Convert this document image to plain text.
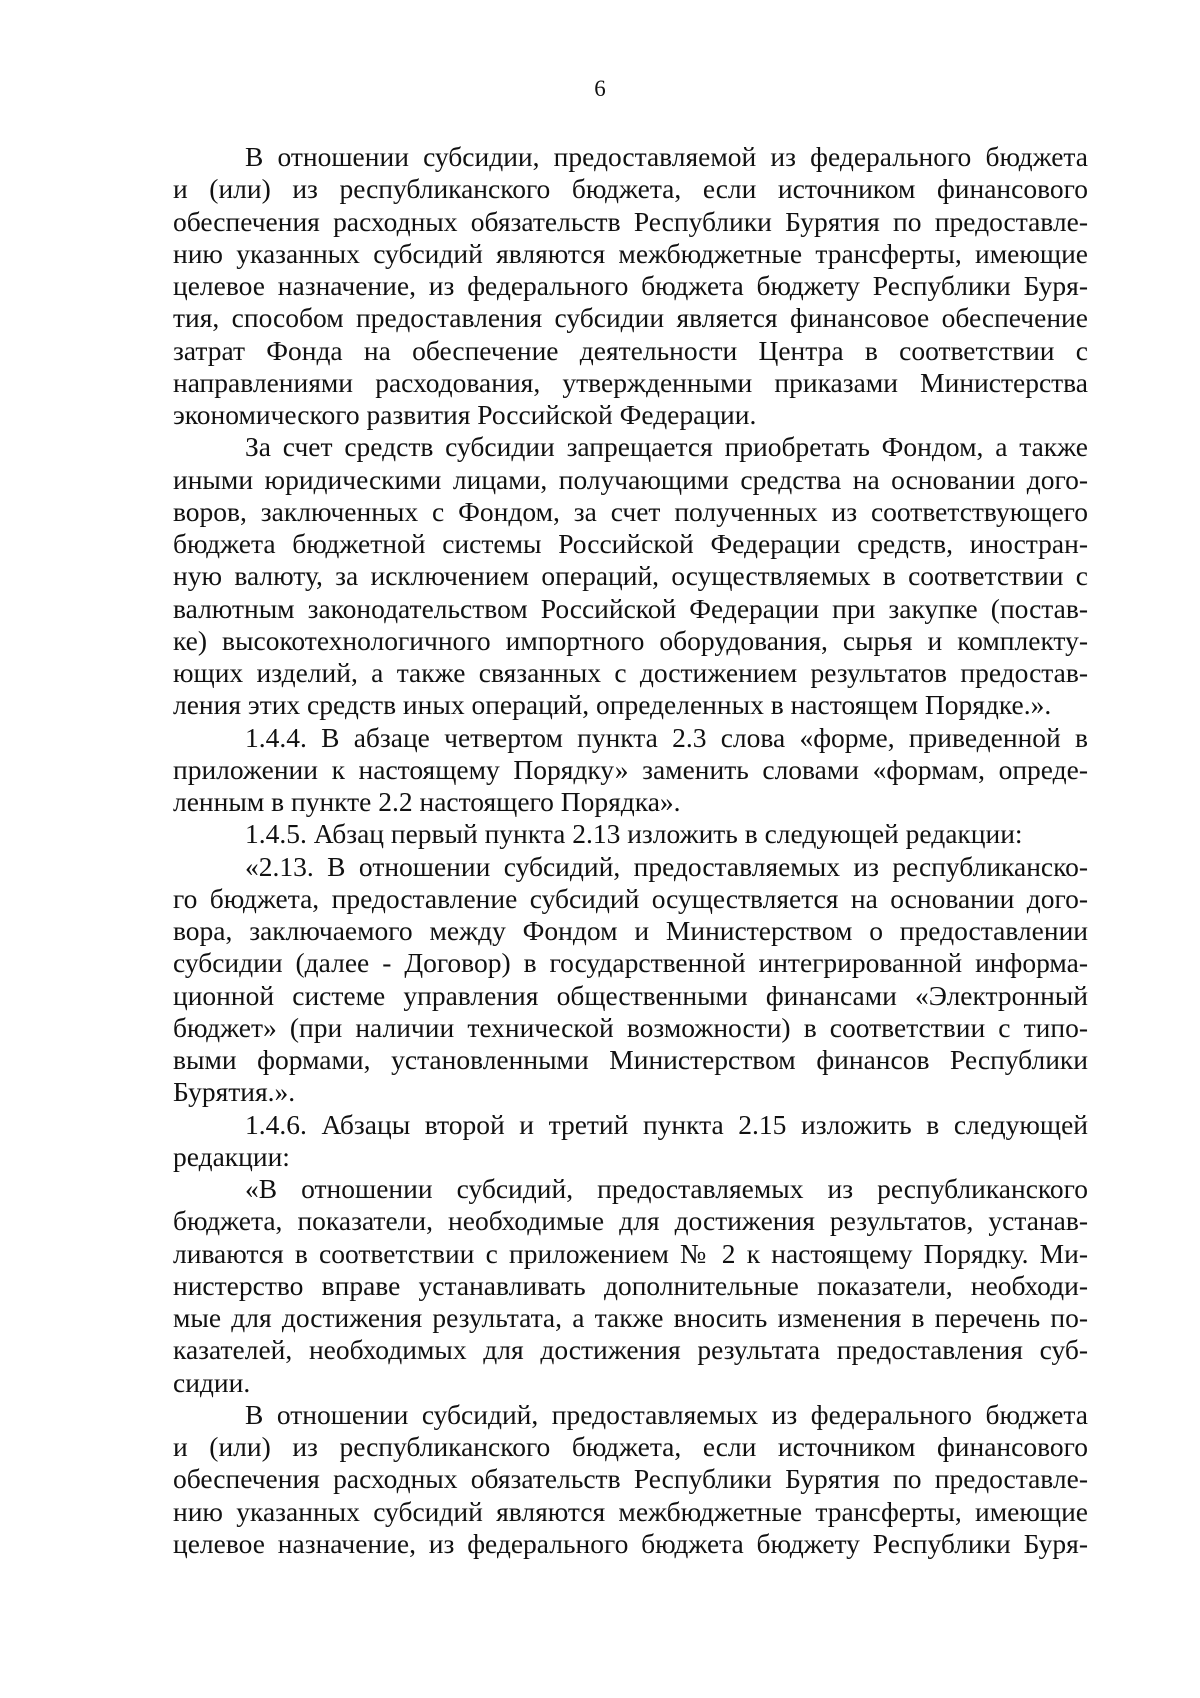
6

В отношении субсидии, предоставляемой из федерального бюджета
и (или) из республиканского бюджета, если источником финансового
обеспечения расходных обязательств Республики Бурятия по предоставле-
нию указанных субсидий являются межбюджетные трансферты, имеющие
целевое назначение, из федерального бюджета бюджету Республики Буря-
тия, способом предоставления субсидии является финансовое обеспечение
затрат Фонда на обеспечение деятельности Центра в соответствии с
направлениями расходования, утвержденными приказами Министерства
экономического развития Российской Федерации.

За счет средств субсидии запрещается приобретать Фондом, а также
иными юридическими лицами, получающими средства на основании дого-
воров, заключенных с Фондом, за счет полученных из соответствующего
бюджета бюджетной системы Российской Федерации средств, иностран-
ную валюту, за исключением операций, осуществляемых в соответствии с
валютным законодательством Российской Федерации при закупке (постав-
ке) высокотехнологичного импортного оборудования, сырья и комплекту-
ющих изделий, а также связанных с достижением результатов предостав-
ления этих средств иных операций, определенных в настоящем Порядке.».

1.4.4. В абзаце четвертом пункта 2.3 слова «форме, приведенной в
приложении к настоящему Порядку» заменить словами «формам, опреде-
ленным в пункте 2.2 настоящего Порядка».

1.4.5. Абзац первый пункта 2.13 изложить в следующей редакции:

«2.13. В отношении субсидий, предоставляемых из республиканско-
го бюджета, предоставление субсидий осуществляется на основании дого-
вора, заключаемого между Фондом и Министерством о предоставлении
субсидии (далее - Договор) в государственной интегрированной информа-
ционной системе управления общественными финансами «Электронный
бюджет» (при наличии технической возможности) в соответствии с типо-
выми формами, установленными Министерством финансов Республики
Бурятия.».

1.4.6. Абзацы второй и третий пункта 2.15 изложить в следующей
редакции:

«В отношении субсидий, предоставляемых из республиканского
бюджета, показатели, необходимые для достижения результатов, устанав-
ливаются в соответствии с приложением № 2 к настоящему Порядку. Ми-
нистерство вправе устанавливать дополнительные показатели, необходи-
мые для достижения результата, а также вносить изменения в перечень по-
казателей, необходимых для достижения результата предоставления суб-
сидии.

В отношении субсидий, предоставляемых из федерального бюджета
и (или) из республиканского бюджета, если источником финансового
обеспечения расходных обязательств Республики Бурятия по предоставле-
нию указанных субсидий являются межбюджетные трансферты, имеющие
целевое назначение, из федерального бюджета бюджету Республики Буря-
